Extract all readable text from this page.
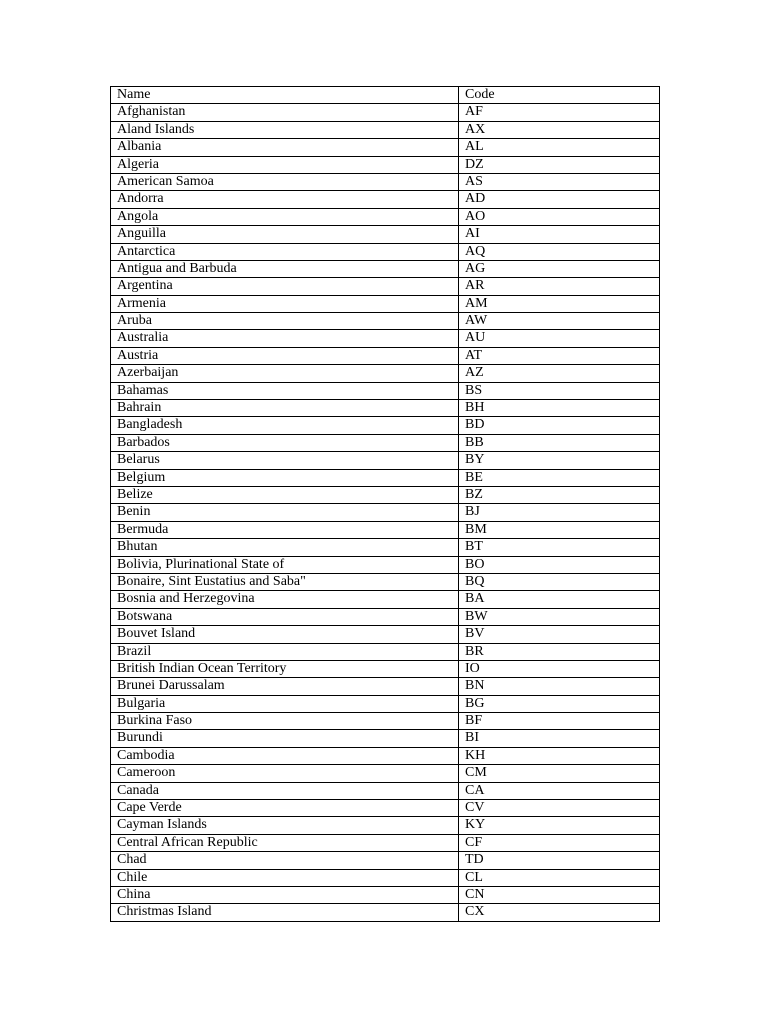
Name	Code
Afghanistan	AF
Aland Islands	AX
Albania	AL
Algeria	DZ
American Samoa	AS
Andorra	AD
Angola	AO
Anguilla	AI
Antarctica	AQ
Antigua and Barbuda	AG
Argentina	AR
Armenia	AM
Aruba	AW
Australia	AU
Austria	AT
Azerbaijan	AZ
Bahamas	BS
Bahrain	BH
Bangladesh	BD
Barbados	BB
Belarus	BY
Belgium	BE
Belize	BZ
Benin	BJ
Bermuda	BM
Bhutan	BT
Bolivia, Plurinational State of	BO
Bonaire, Sint Eustatius and Saba"	BQ
Bosnia and Herzegovina	BA
Botswana	BW
Bouvet Island	BV
Brazil	BR
British Indian Ocean Territory	IO
Brunei Darussalam	BN
Bulgaria	BG
Burkina Faso	BF
Burundi	BI
Cambodia	KH
Cameroon	CM
Canada	CA
Cape Verde	CV
Cayman Islands	KY
Central African Republic	CF
Chad	TD
Chile	CL
China	CN
Christmas Island	CX
